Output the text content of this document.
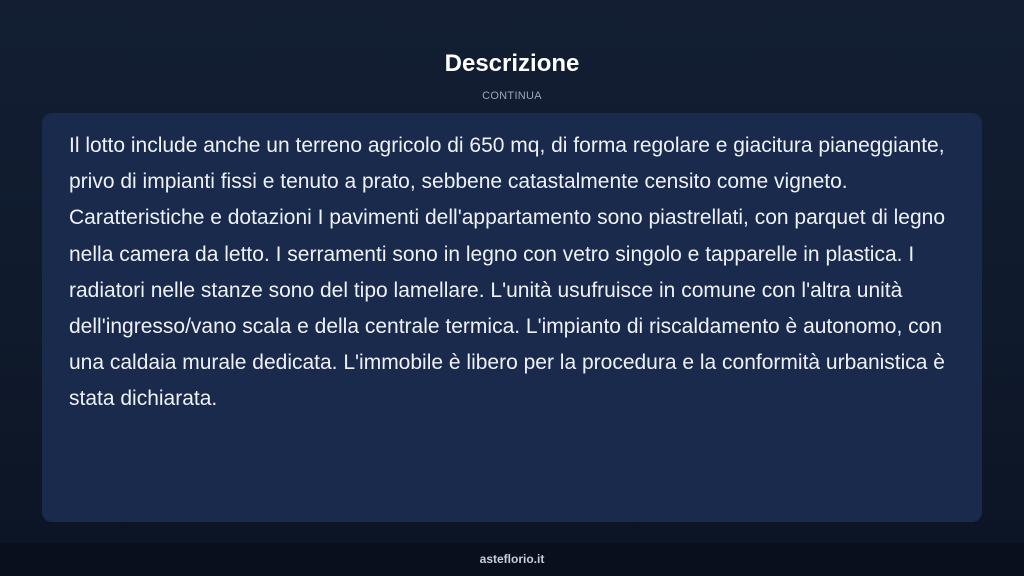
Descrizione
CONTINUA

Il lotto include anche un terreno agricolo di 650 mq, di forma regolare e giacitura pianeggiante, privo di impianti fissi e tenuto a prato, sebbene catastalmente censito come vigneto. Caratteristiche e dotazioni I pavimenti dell'appartamento sono piastrellati, con parquet di legno nella camera da letto. I serramenti sono in legno con vetro singolo e tapparelle in plastica. I radiatori nelle stanze sono del tipo lamellare. L'unità usufruisce in comune con l'altra unità dell'ingresso/vano scala e della centrale termica. L'impianto di riscaldamento è autonomo, con una caldaia murale dedicata. L'immobile è libero per la procedura e la conformità urbanistica è stata dichiarata.

asteflorio.it
